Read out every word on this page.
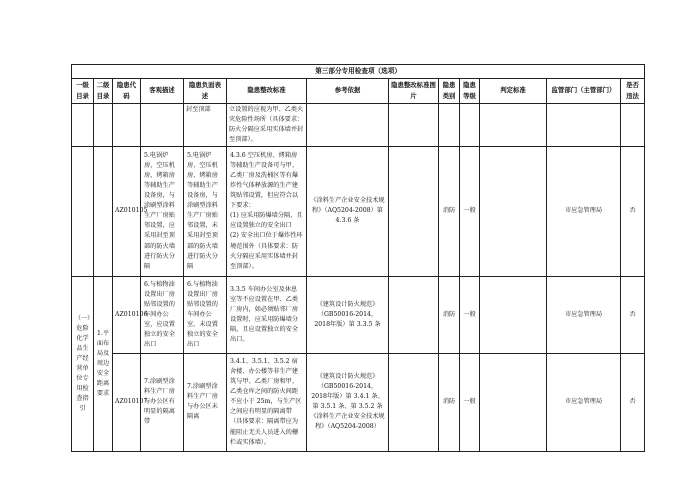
第三部分专用检查项（选项）												
一级目录	二级目录	隐患代码	客观描述	隐患负面表述	隐患整改标准	参考依据	隐患整改标准图片	隐患类别	隐患等级	判定标准	监管部门（主管部门）	是否违法
				封至顶部	立设置的应视为甲、乙类火灾危险性场所（具体要求：防火分隔应采用实体墙并封至顶部）。							
		AZ010105	5.电锅炉房、空压机房、烤箱房等辅助生产设备房，与涂刷型涂料生产厂房贴邻设置，应采用封至顶部的防火墙进行防火分隔	5.电锅炉房、空压机房、烤箱房等辅助生产设备房，与涂刷型涂料生产厂房贴邻设置，未采用封至顶部的防火墙进行防火分隔	4.3.6 空压机房、烤箱房等辅助生产设备可与甲、乙类厂房及洗桶区等有爆炸性气体释放源的生产建筑贴邻设置，但应符合以下要求：
(1) 应采用防爆墙分隔，且应设置独立的安全出口
(2) 安全出口位于爆炸性环境范围外（具体要求：防火分隔应采用实体墙并封至顶部）。	《涂料生产企业安全技术规程》（AQ5204-2008）第 4.3.6 条		消防	一般		市应急管理局	否
（一）危险化学品生产经营单位专用检查指引	1.平面布局及周边安全距离要求	AZ010106	6.与植物油设置出厂房贴邻设置的车间办公室，应设置独立的安全出口	6.与植物油设置出厂房贴邻设置的车间办公室，未设置独立的安全出口	3.3.5 车间办公室及休息室等不应设置在甲、乙类厂房内，如必须贴邻厂房设置时，应采用防爆墙分隔，且应设置独立的安全出口。	《建筑设计防火规范》（GB50016-2014，2018年版）第 3.3.5 条		消防	一般		市应急管理局	否
		AZ010107	7.涂刷型涂料生产厂房与办公区有明显的隔离带	7.涂刷型涂料生产厂房与办公区未隔离	3.4.1、3.5.1、3.5.2 宿舍楼、办公楼等非生产建筑与甲、乙类厂房和甲、乙类仓库之间的防火间距不应小于 25m，与生产区之间应有明显的隔离带（具体要求：隔离带应为能阻止无关人员进入的栅栏或实体墙）。	《建筑设计防火规范》（GB50016-2014，2018年版）第 3.4.1 条、第 3.5.1 条、第 3.5.2 条《涂料生产企业安全技术规程》（AQ5204-2008）		消防	一般		市应急管理局	否
